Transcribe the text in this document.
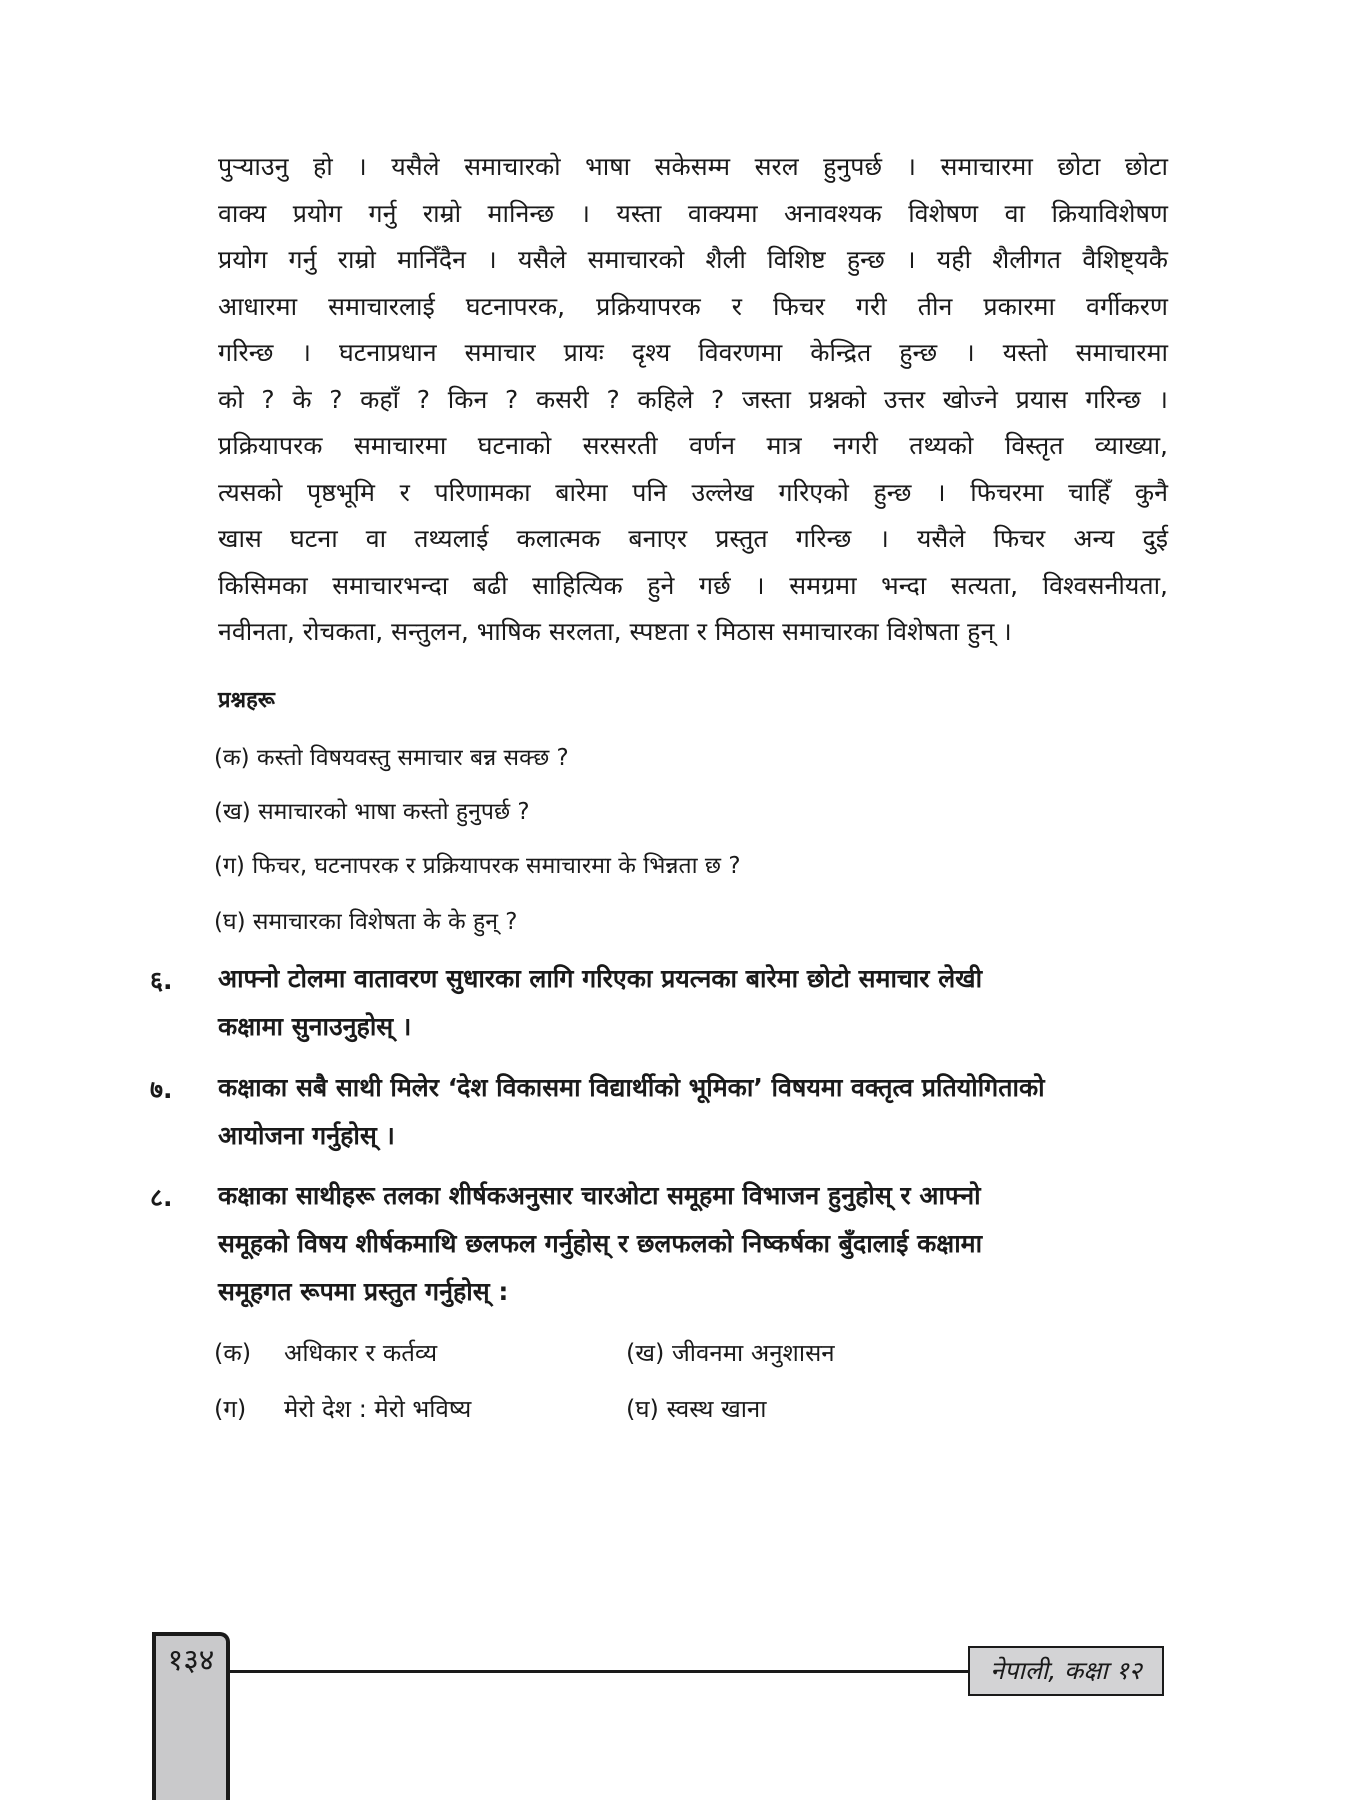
पुऱ्याउनु हो । यसैले समाचारको भाषा सकेसम्म सरल हुनुपर्छ । समाचारमा छोटा छोटा
वाक्य प्रयोग गर्नु राम्रो मानिन्छ । यस्ता वाक्यमा अनावश्यक विशेषण वा क्रियाविशेषण
प्रयोग गर्नु राम्रो मानिँदैन । यसैले समाचारको शैली विशिष्ट हुन्छ । यही शैलीगत वैशिष्ट्यकै
आधारमा समाचारलाई घटनापरक, प्रक्रियापरक र फिचर गरी तीन प्रकारमा वर्गीकरण
गरिन्छ । घटनाप्रधान समाचार प्रायः दृश्य विवरणमा केन्द्रित हुन्छ । यस्तो समाचारमा
को ? के ? कहाँ ? किन ? कसरी ? कहिले ? जस्ता प्रश्नको उत्तर खोज्ने प्रयास गरिन्छ ।
प्रक्रियापरक समाचारमा घटनाको सरसरती वर्णन मात्र नगरी तथ्यको विस्तृत व्याख्या,
त्यसको पृष्ठभूमि र परिणामका बारेमा पनि उल्लेख गरिएको हुन्छ । फिचरमा चाहिँ कुनै
खास घटना वा तथ्यलाई कलात्मक बनाएर प्रस्तुत गरिन्छ । यसैले फिचर अन्य दुई
किसिमका समाचारभन्दा बढी साहित्यिक हुने गर्छ । समग्रमा भन्दा सत्यता, विश्वसनीयता,
नवीनता, रोचकता, सन्तुलन, भाषिक सरलता, स्पष्टता र मिठास समाचारका विशेषता हुन् ।
प्रश्नहरू
(क) कस्तो विषयवस्तु समाचार बन्न सक्छ ?
(ख) समाचारको भाषा कस्तो हुनुपर्छ ?
(ग) फिचर, घटनापरक र प्रक्रियापरक समाचारमा के भिन्नता छ ?
(घ) समाचारका विशेषता के के हुन् ?
६. आफ्नो टोलमा वातावरण सुधारका लागि गरिएका प्रयत्नका बारेमा छोटो समाचार लेखी
कक्षामा सुनाउनुहोस् ।
७. कक्षाका सबै साथी मिलेर ‘देश विकासमा विद्यार्थीको भूमिका’ विषयमा वक्तृत्व प्रतियोगिताको
आयोजना गर्नुहोस् ।
८. कक्षाका साथीहरू तलका शीर्षकअनुसार चारओटा समूहमा विभाजन हुनुहोस् र आफ्नो
समूहको विषय शीर्षकमाथि छलफल गर्नुहोस् र छलफलको निष्कर्षका बुँदालाई कक्षामा
समूहगत रूपमा प्रस्तुत गर्नुहोस् :
(क) अधिकार र कर्तव्य	(ख) जीवनमा अनुशासन
(ग) मेरो देश : मेरो भविष्य	(घ) स्वस्थ खाना
१३४	नेपाली, कक्षा १२
